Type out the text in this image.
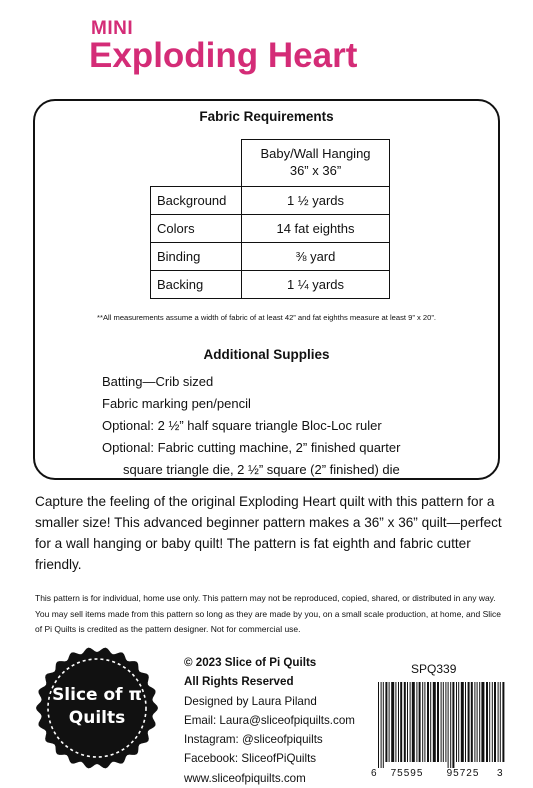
MINI
Exploding Heart
Fabric Requirements

	Baby/Wall Hanging
36” x 36”

Background	1 ½ yards
Colors	14 fat eighths
Binding	⅜ yard
Backing	1 ¼ yards
**All measurements assume a width of fabric of at least 42” and fat eighths measure at least 9” x 20”.
Additional Supplies
Batting—Crib sized
Fabric marking pen/pencil
Optional: 2 ½” half square triangle Bloc-Loc ruler
Optional: Fabric cutting machine, 2” finished quarter
square triangle die, 2 ½” square (2” finished) die

Capture the feeling of the original Exploding Heart quilt with this pattern for a smaller size! This advanced beginner pattern makes a 36” x 36” quilt—perfect for a wall hanging or baby quilt! The pattern is fat eighth and fabric cutter friendly.

This pattern is for individual, home use only. This pattern may not be reproduced, copied, shared, or distributed in any way. You may sell items made from this pattern so long as they are made by you, on a small scale production, at home, and Slice of Pi Quilts is credited as the pattern designer. Not for commercial use.

Slice of π
Quilts
© 2023 Slice of Pi Quilts
All Rights Reserved
Designed by Laura Piland
Email: Laura@sliceofpiquilts.com
Instagram: @sliceofpiquilts
Facebook: SliceofPiQuilts
www.sliceofpiquilts.com
SPQ339
6 75595 95725 3
